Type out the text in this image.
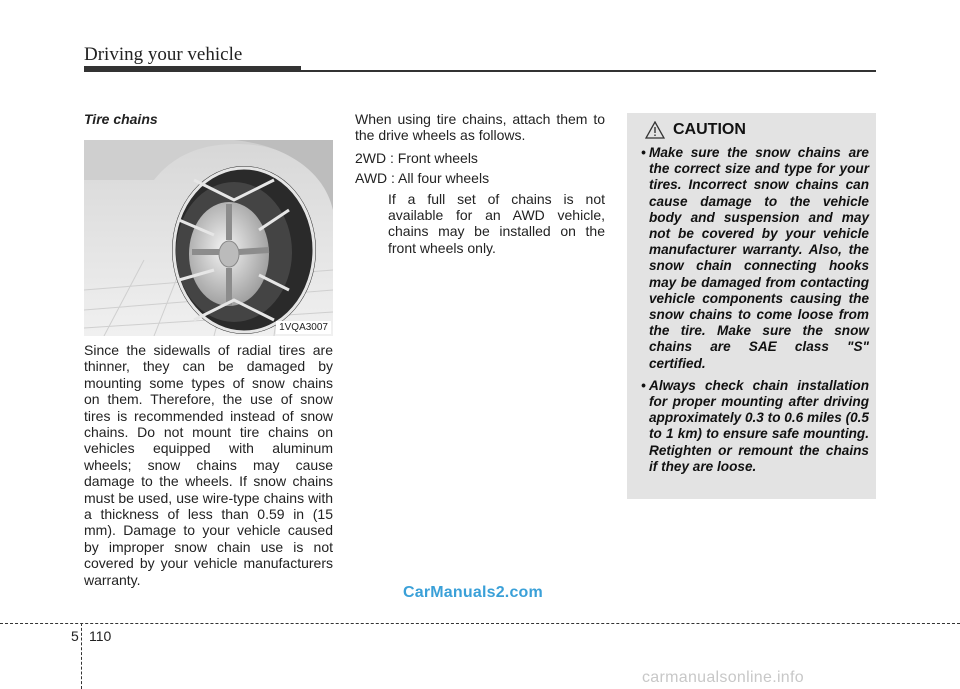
Driving your vehicle
Tire chains
1VQA3007
Since the sidewalls of radial tires are thinner, they can be damaged by mounting some types of snow chains on them. Therefore, the use of snow tires is recommended instead of snow chains. Do not mount tire chains on vehicles equipped with aluminum wheels; snow chains may cause damage to the wheels. If snow chains must be used, use wire-type chains with a thickness of less than 0.59 in (15 mm). Damage to your vehicle caused by improper snow chain use is not covered by your vehicle manufacturers warranty.

When using tire chains, attach them to the drive wheels as follows.

2WD : Front wheels

AWD : All four wheels

If a full set of chains is not available for an AWD vehicle, chains may be installed on the front wheels only.

CAUTION
• Make sure the snow chains are the correct size and type for your tires. Incorrect snow chains can cause damage to the vehicle body and suspension and may not be covered by your vehicle manufacturer warranty. Also, the snow chain connecting hooks may be damaged from contacting vehicle components causing the snow chains to come loose from the tire. Make sure the snow chains are SAE class "S" certified.
• Always check chain installation for proper mounting after driving approximately 0.3 to 0.6 miles (0.5 to 1 km) to ensure safe mounting. Retighten or remount the chains if they are loose.
CarManuals2.com
5 110
carmanualsonline.info
